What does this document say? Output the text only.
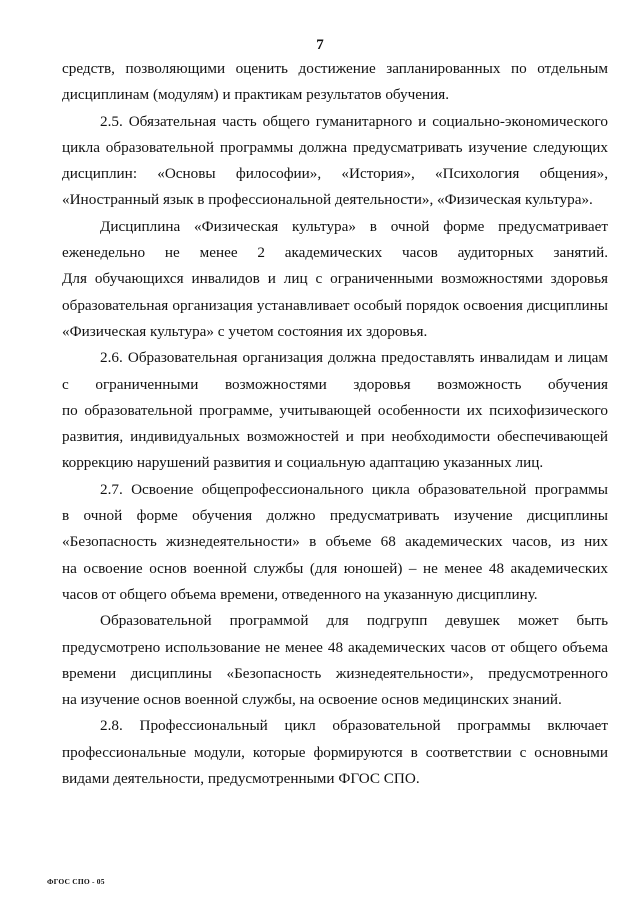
7
средств, позволяющими оценить достижение запланированных по отдельным
дисциплинам (модулям) и практикам результатов обучения.
2.5. Обязательная часть общего гуманитарного и социально-экономического
цикла образовательной программы должна предусматривать изучение следующих
дисциплин: «Основы философии», «История», «Психология общения»,
«Иностранный язык в профессиональной деятельности», «Физическая культура».
Дисциплина «Физическая культура» в очной форме предусматривает
еженедельно не менее 2 академических часов аудиторных занятий.
Для обучающихся инвалидов и лиц с ограниченными возможностями здоровья
образовательная организация устанавливает особый порядок освоения дисциплины
«Физическая культура» с учетом состояния их здоровья.
2.6. Образовательная организация должна предоставлять инвалидам и лицам
с ограниченными возможностями здоровья возможность обучения
по образовательной программе, учитывающей особенности их психофизического
развития, индивидуальных возможностей и при необходимости обеспечивающей
коррекцию нарушений развития и социальную адаптацию указанных лиц.
2.7. Освоение общепрофессионального цикла образовательной программы
в очной форме обучения должно предусматривать изучение дисциплины
«Безопасность жизнедеятельности» в объеме 68 академических часов, из них
на освоение основ военной службы (для юношей) – не менее 48 академических
часов от общего объема времени, отведенного на указанную дисциплину.
Образовательной программой для подгрупп девушек может быть
предусмотрено использование не менее 48 академических часов от общего объема
времени дисциплины «Безопасность жизнедеятельности», предусмотренного
на изучение основ военной службы, на освоение основ медицинских знаний.
2.8. Профессиональный цикл образовательной программы включает
профессиональные модули, которые формируются в соответствии с основными
видами деятельности, предусмотренными ФГОС СПО.
ФГОС СПО - 05
